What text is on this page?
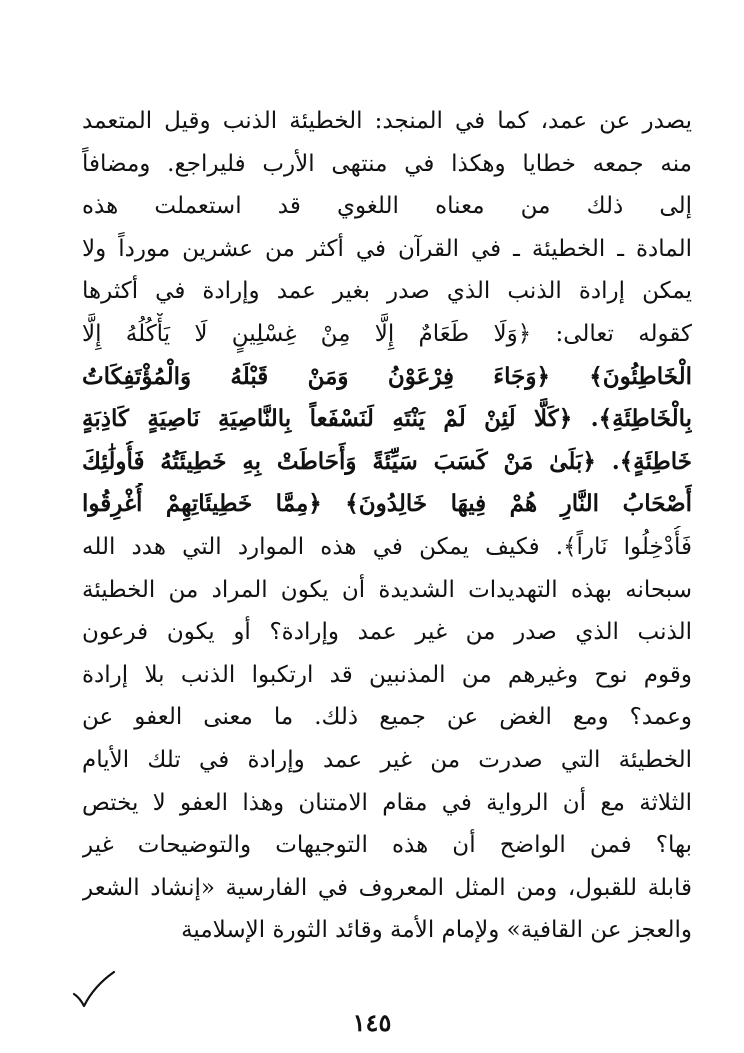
يصدر عن عمد، كما في المنجد: الخطيئة الذنب وقيل المتعمد
منه جمعه خطايا وهكذا في منتهى الأرب فليراجع. ومضافاً
إلى ذلك من معناه اللغوي قد استعملت هذه
المادة ـ الخطيئة ـ في القرآن في أكثر من عشرين مورداً ولا
يمكن إرادة الذنب الذي صدر بغير عمد وإرادة في أكثرها
كقوله تعالى: ﴿وَلَا طَعَامٌ إِلَّا مِنْ غِسْلِينٍ لَا يَأْكُلُهُ إِلَّا
الْخَاطِئُونَ﴾ ﴿وَجَاءَ فِرْعَوْنُ وَمَنْ قَبْلَهُ وَالْمُؤْتَفِكَاتُ
بِالْخَاطِئَةِ﴾. ﴿كَلَّا لَئِنْ لَمْ يَنْتَهِ لَنَسْفَعاً بِالنَّاصِيَةِ نَاصِيَةٍ كَاذِبَةٍ
خَاطِئَةٍ﴾. ﴿بَلَىٰ مَنْ كَسَبَ سَيِّئَةً وَأَحَاطَتْ بِهِ خَطِيئَتُهُ فَأُولَٰئِكَ
أَصْحَابُ النَّارِ هُمْ فِيهَا خَالِدُونَ﴾ ﴿مِمَّا خَطِيئَاتِهِمْ أُغْرِقُوا
فَأُدْخِلُوا نَاراً﴾. فكيف يمكن في هذه الموارد التي هدد الله
سبحانه بهذه التهديدات الشديدة أن يكون المراد من الخطيئة
الذنب الذي صدر من غير عمد وإرادة؟ أو يكون فرعون
وقوم نوح وغيرهم من المذنبين قد ارتكبوا الذنب بلا إرادة
وعمد؟ ومع الغض عن جميع ذلك. ما معنى العفو عن
الخطيئة التي صدرت من غير عمد وإرادة في تلك الأيام
الثلاثة مع أن الرواية في مقام الامتنان وهذا العفو لا يختص
بها؟ فمن الواضح أن هذه التوجيهات والتوضيحات غير
قابلة للقبول، ومن المثل المعروف في الفارسية «إنشاد الشعر
والعجز عن القافية» ولإمام الأمة وقائد الثورة الإسلامية
١٤٥
